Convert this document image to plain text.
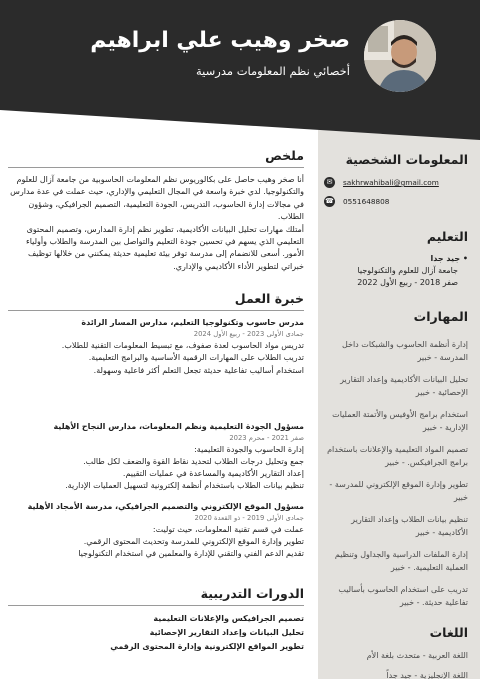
صخر وهيب علي ابراهيم
أخصائي نظم المعلومات مدرسية
المعلومات الشخصية
✉	sakhrwahibali@gmail.com
☎ 0551648808
التعليم
• جيد جدا
جامعة آزال للعلوم والتكنولوجيا
صفر 2018 - ربيع الأول 2022
المهارات
إدارة أنظمة الحاسوب والشبكات داخل المدرسة - خبير
تحليل البيانات الأكاديمية وإعداد التقارير الإحصائية - خبير
استخدام برامج الأوفيس والأتمتة العمليات الإدارية - خبير
تصميم المواد التعليمية والإعلانات باستخدام برامج الجرافيكس. - خبير
تطوير وإدارة الموقع الإلكتروني للمدرسة - خبير
تنظيم بيانات الطلاب وإعداد التقارير الأكاديمية - خبير
إدارة الملفات الدراسية والجداول وتنظيم العملية التعليمية. - خبير
تدريب على استخدام الحاسوب بأساليب تفاعلية حديثة. - خبير
اللغات
اللغة العربية - متحدث بلغة الأم
اللغة الإنجليزية - جيد جداً
ملخص

أنا صخر وهيب حاصل على بكالوريوس نظم المعلومات الحاسوبية من جامعة آزال للعلوم والتكنولوجيا. لدي خبرة واسعة في المجال التعليمي والإداري، حيث عملت في عدة مدارس في مجالات إدارة الحاسوب، التدريس، الجودة التعليمية، التصميم الجرافيكي، وشؤون الطلاب.

أمتلك مهارات تحليل البيانات الأكاديمية، تطوير نظم إدارة المدارس، وتصميم المحتوى التعليمي الذي يسهم في تحسين جودة التعليم والتواصل بين المدرسة والطلاب وأولياء الأمور. أسعى للانضمام إلى مدرسة توفر بيئة تعليمية حديثة يمكنني من خلالها توظيف خبراتي لتطوير الأداء الأكاديمي والإداري.

خبرة العمل
مدرس حاسوب وتكنولوجيا التعليم، مدارس المسار الرائدة
جمادى الأولى 2023 - ربيع الأول 2024
تدريس مواد الحاسوب لعدة صفوف، مع تبسيط المعلومات التقنية للطلاب.
تدريب الطلاب على المهارات الرقمية الأساسية والبرامج التعليمية.
استخدام أساليب تفاعلية حديثة تجعل التعلم أكثر فاعلية وسهولة.
مسؤول الجودة التعليمية ونظم المعلومات، مدارس النجاح الأهلية
صفر 2021 - محرم 2023
إدارة الحاسوب والجودة التعليمية:
جمع وتحليل درجات الطلاب لتحديد نقاط القوة والضعف لكل طالب.
إعداد التقارير الأكاديمية والمساعدة في عمليات التقييم.
تنظيم بيانات الطلاب باستخدام أنظمة إلكترونية لتسهيل العمليات الإدارية.
مسؤول الموقع الإلكتروني والتصميم الجرافيكي، مدرسة الأمجاد الأهلية
جمادى الأولى 2019 - ذو القعدة 2020
عملت في قسم تقنية المعلومات، حيث توليت:
تطوير وإدارة الموقع الإلكتروني للمدرسة وتحديث المحتوى الرقمي.
تقديم الدعم الفني والتقني للإدارة والمعلمين في استخدام التكنولوجيا
الدورات التدريبية
تصميم الجرافيكس والإعلانات التعليمية
تحليل البيانات وإعداد التقارير الإحصائية
تطوير المواقع الإلكترونية وإدارة المحتوى الرقمي
